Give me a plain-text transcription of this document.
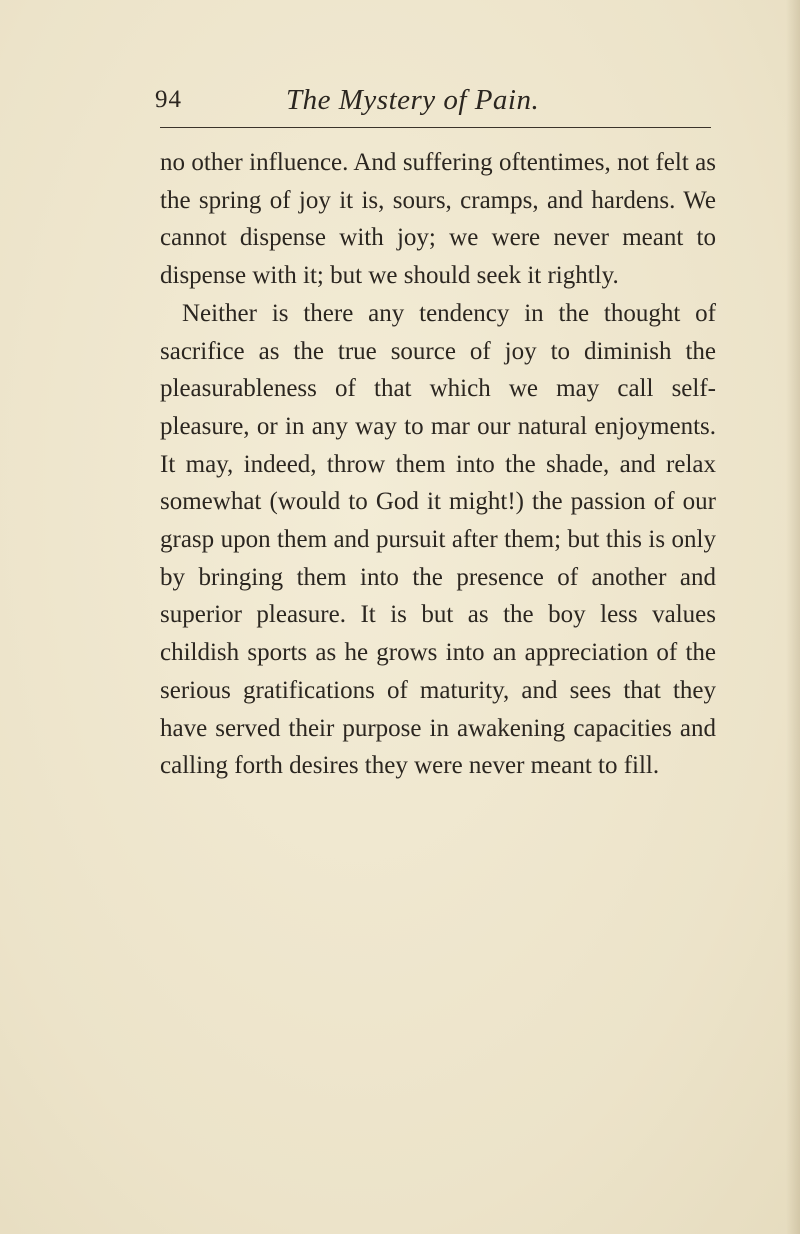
94	The Mystery of Pain.

no other influence. And suffering oftentimes, not felt as the spring of joy it is, sours, cramps, and hardens. We cannot dispense with joy; we were never meant to dispense with it; but we should seek it rightly.

Neither is there any tendency in the thought of sacrifice as the true source of joy to diminish the pleasurableness of that which we may call self-pleasure, or in any way to mar our natural enjoyments. It may, indeed, throw them into the shade, and relax somewhat (would to God it might!) the passion of our grasp upon them and pursuit after them; but this is only by bringing them into the presence of another and superior pleasure. It is but as the boy less values childish sports as he grows into an appreciation of the serious gratifications of maturity, and sees that they have served their purpose in awakening capacities and calling forth desires they were never meant to fill.
